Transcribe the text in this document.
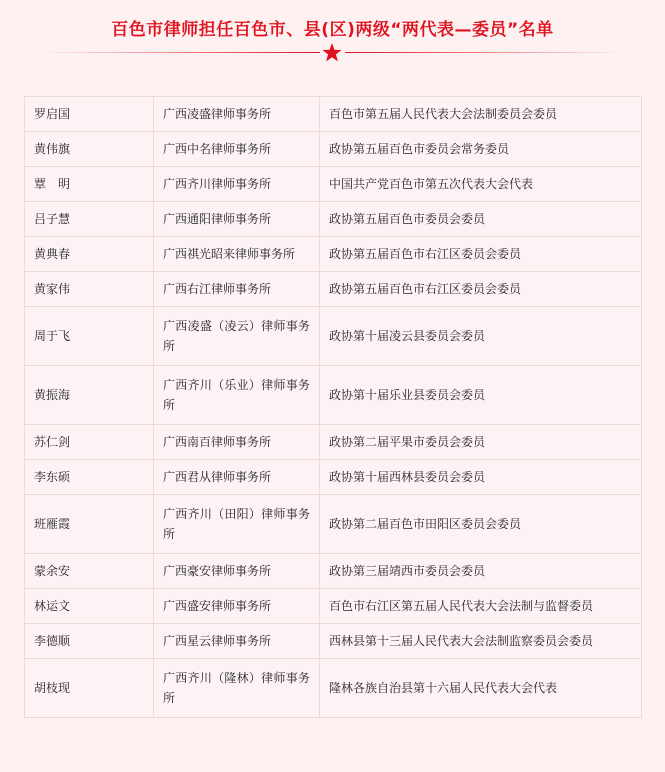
百色市律师担任百色市、县(区)两级“两代表—委员”名单
罗启国	广西凌盛律师事务所	百色市第五届人民代表大会法制委员会委员
黄伟旗	广西中名律师事务所	政协第五届百色市委员会常务委员
覃　明	广西齐川律师事务所	中国共产党百色市第五次代表大会代表
吕子慧	广西通阳律师事务所	政协第五届百色市委员会委员
黄典春	广西祺光昭来律师事务所	政协第五届百色市右江区委员会委员
黄家伟	广西右江律师事务所	政协第五届百色市右江区委员会委员
周于飞	广西凌盛（凌云）律师事务所	政协第十届凌云县委员会委员
黄振海	广西齐川（乐业）律师事务所	政协第十届乐业县委员会委员
苏仁剑	广西南百律师事务所	政协第二届平果市委员会委员
李东硕	广西君从律师事务所	政协第十届西林县委员会委员
班雁霞	广西齐川（田阳）律师事务所	政协第二届百色市田阳区委员会委员
蒙余安	广西豪安律师事务所	政协第三届靖西市委员会委员
林运文	广西盛安律师事务所	百色市右江区第五届人民代表大会法制与监督委员
李德顺	广西星云律师事务所	西林县第十三届人民代表大会法制监察委员会委员
胡枝现	广西齐川（隆林）律师事务所	隆林各族自治县第十六届人民代表大会代表
